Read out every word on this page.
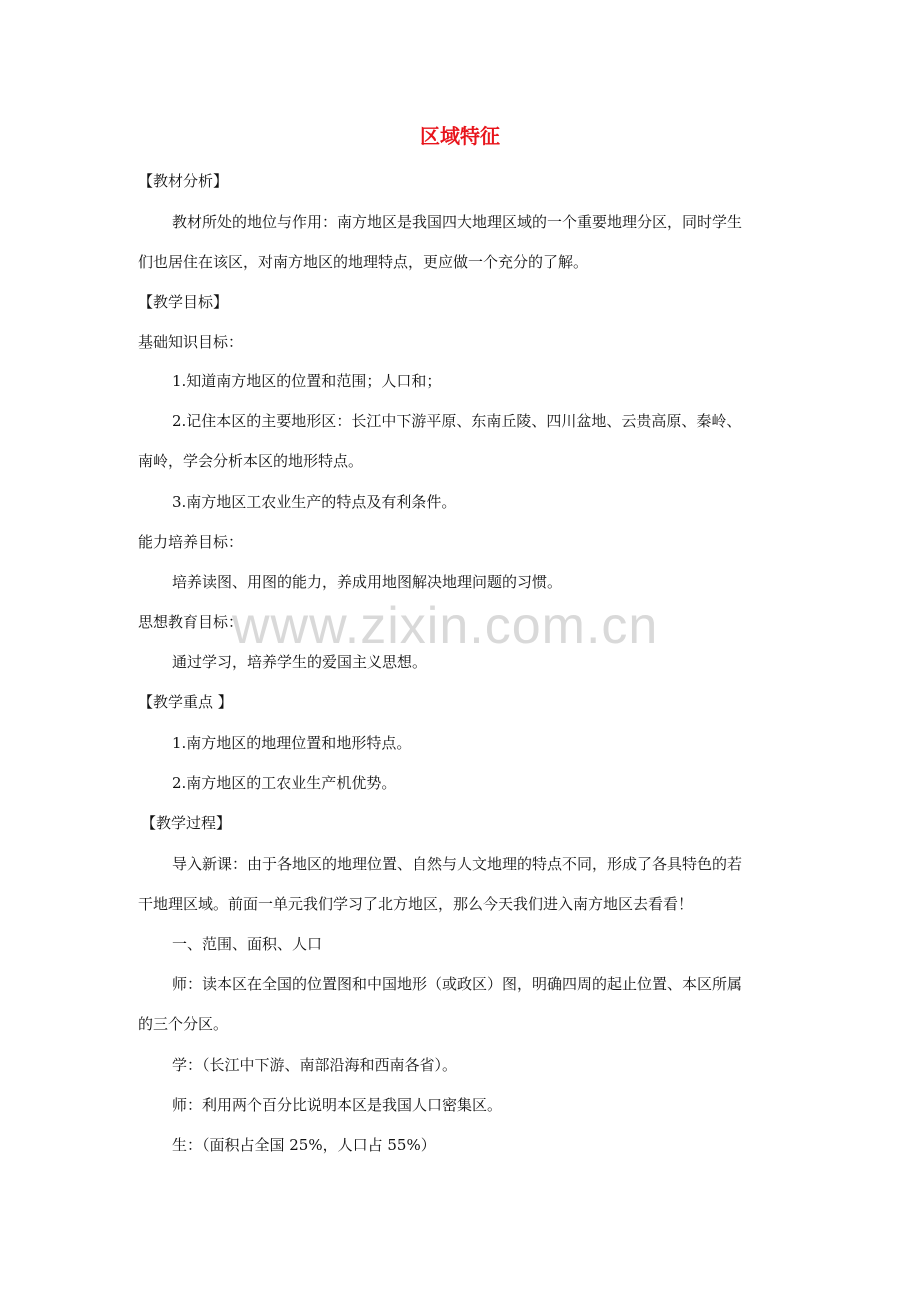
www.zixin.com.cn
区域特征
【教材分析】
教材所处的地位与作用：南方地区是我国四大地理区域的一个重要地理分区，同时学生
们也居住在该区，对南方地区的地理特点，更应做一个充分的了解。
【教学目标】
基础知识目标：
1.知道南方地区的位置和范围；人口和；
2.记住本区的主要地形区：长江中下游平原、东南丘陵、四川盆地、云贵高原、秦岭、
南岭，学会分析本区的地形特点。
3.南方地区工农业生产的特点及有利条件。
能力培养目标：
培养读图、用图的能力，养成用地图解决地理问题的习惯。
思想教育目标：
通过学习，培养学生的爱国主义思想。
【教学重点 】
1.南方地区的地理位置和地形特点。
2.南方地区的工农业生产机优势。
【教学过程】
导入新课：由于各地区的地理位置、自然与人文地理的特点不同，形成了各具特色的若
干地理区域。前面一单元我们学习了北方地区，那么今天我们进入南方地区去看看！
一、范围、面积、人口
师：读本区在全国的位置图和中国地形（或政区）图，明确四周的起止位置、本区所属
的三个分区。
学：（长江中下游、南部沿海和西南各省）。
师：利用两个百分比说明本区是我国人口密集区。
生：（面积占全国 25%，人口占 55%）
